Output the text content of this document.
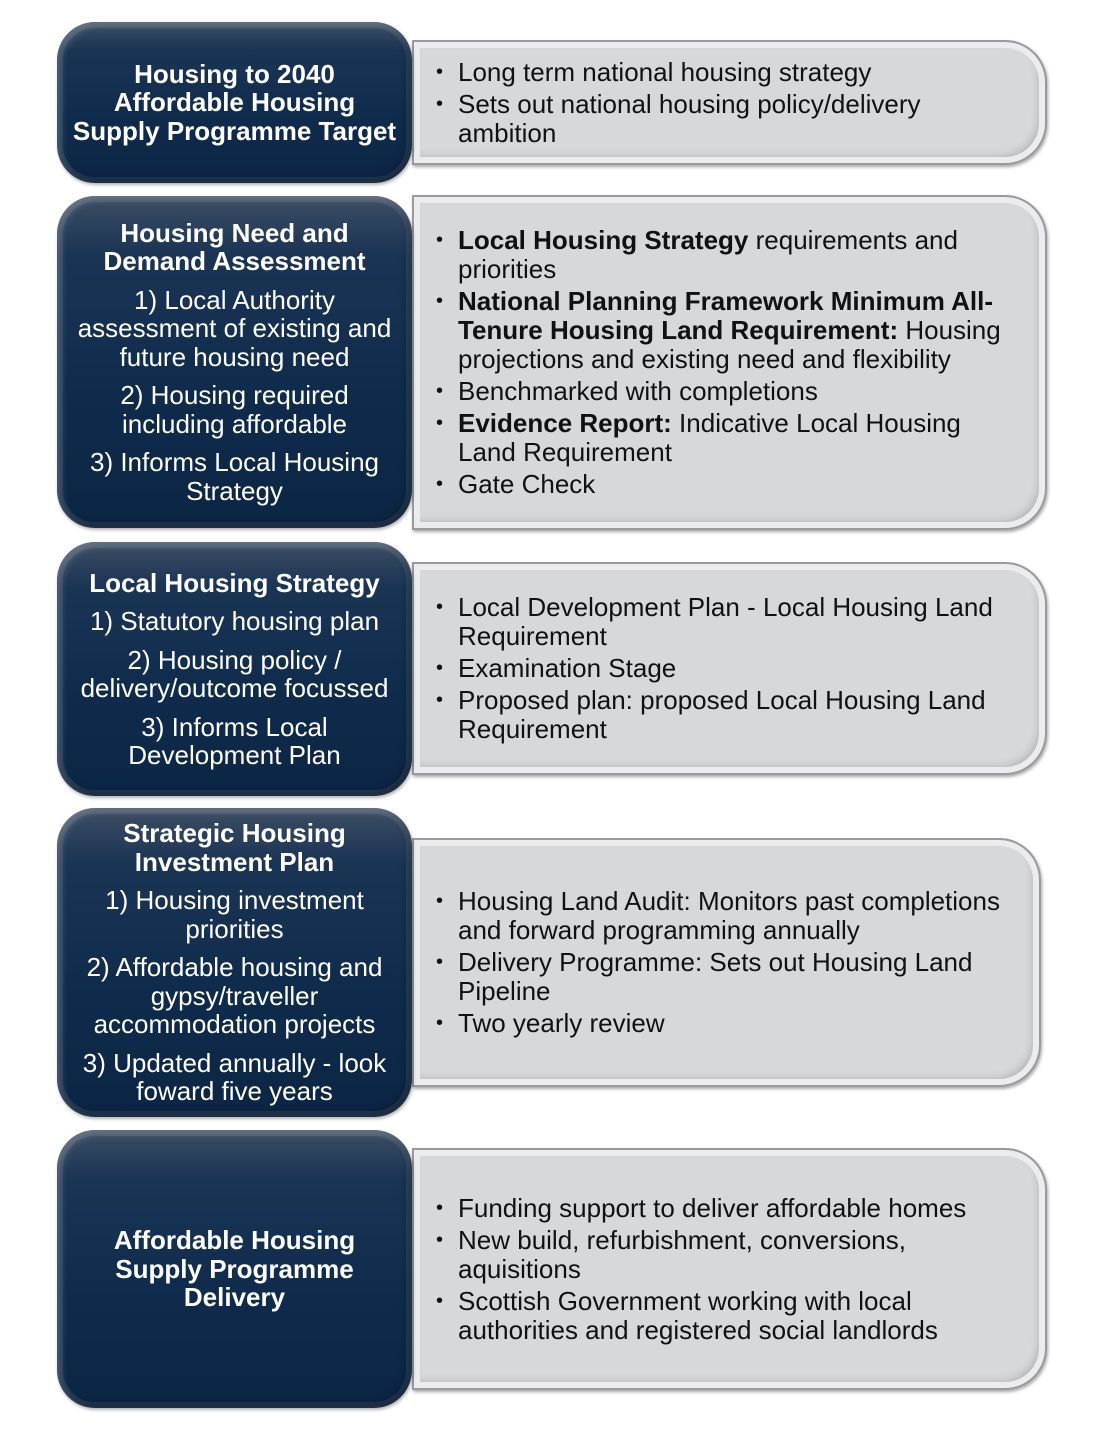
Housing to 2040 Affordable Housing Supply Programme Target
• Long term national housing strategy
• Sets out national housing policy/delivery ambition
Housing Need and Demand Assessment
1) Local Authority assessment of existing and future housing need
2) Housing required including affordable
3) Informs Local Housing Strategy
• Local Housing Strategy requirements and priorities
• National Planning Framework Minimum All-Tenure Housing Land Requirement: Housing projections and existing need and flexibility
• Benchmarked with completions
• Evidence Report: Indicative Local Housing Land Requirement
• Gate Check
Local Housing Strategy
1) Statutory housing plan
2) Housing policy / delivery/outcome focussed
3) Informs Local Development Plan
• Local Development Plan - Local Housing Land Requirement
• Examination Stage
• Proposed plan: proposed Local Housing Land Requirement
Strategic Housing Investment Plan
1) Housing investment priorities
2) Affordable housing and gypsy/traveller accommodation projects
3) Updated annually - look foward five years
• Housing Land Audit: Monitors past completions and forward programming annually
• Delivery Programme: Sets out Housing Land Pipeline
• Two yearly review
Affordable Housing Supply Programme Delivery
• Funding support to deliver affordable homes
• New build, refurbishment, conversions, aquisitions
• Scottish Government working with local authorities and registered social landlords
